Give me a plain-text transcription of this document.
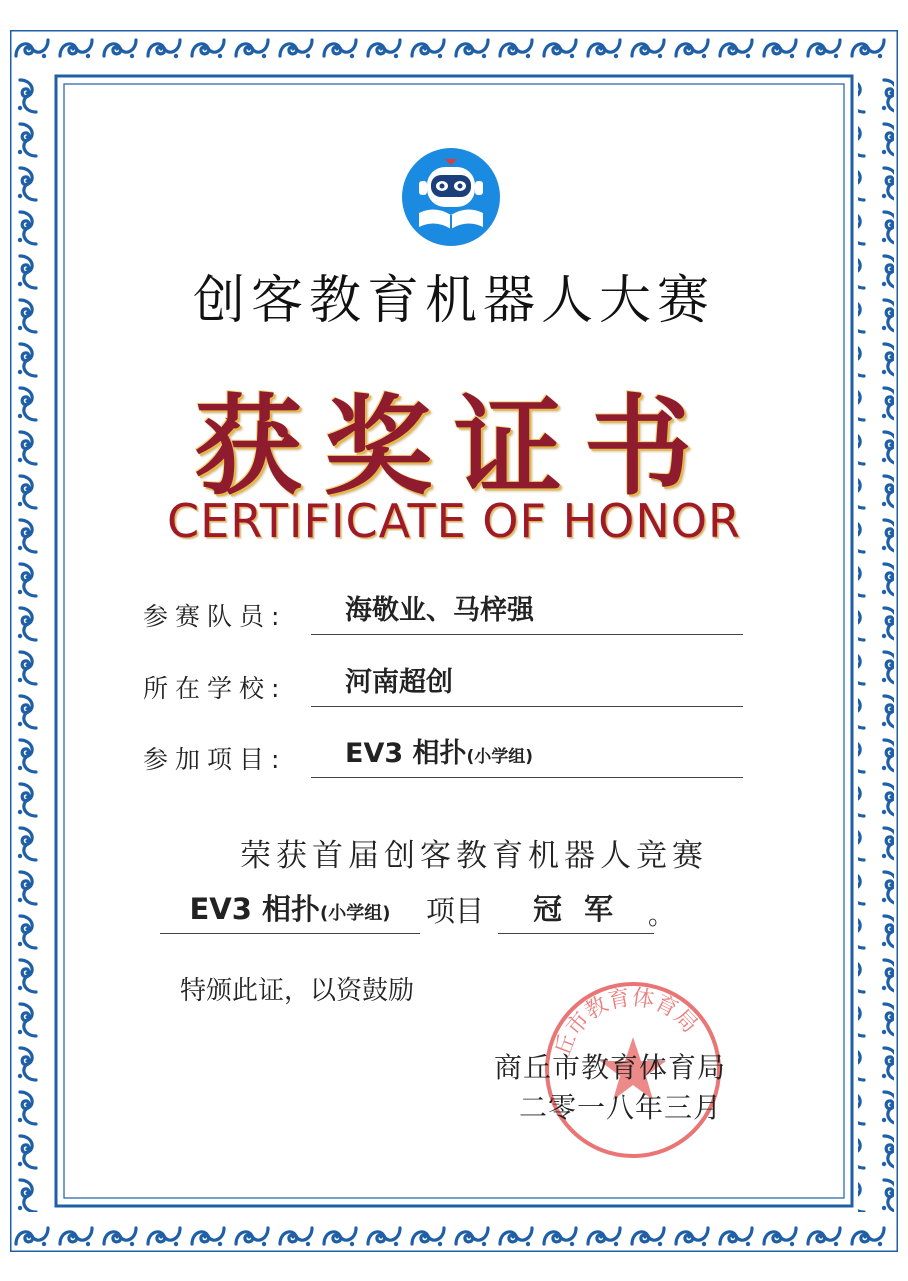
创客教育机器人大赛
获奖证书
CERTIFICATE OF HONOR
参赛队员:	海敬业、马梓强
所在学校:	河南超创
参加项目:	EV3 相扑(小学组)
荣获首届创客教育机器人竞赛
EV3 相扑(小学组)	项目	冠 军	。
特颁此证，以资鼓励
丘市教育体育局
商丘市教育体育局
二零一八年三月
